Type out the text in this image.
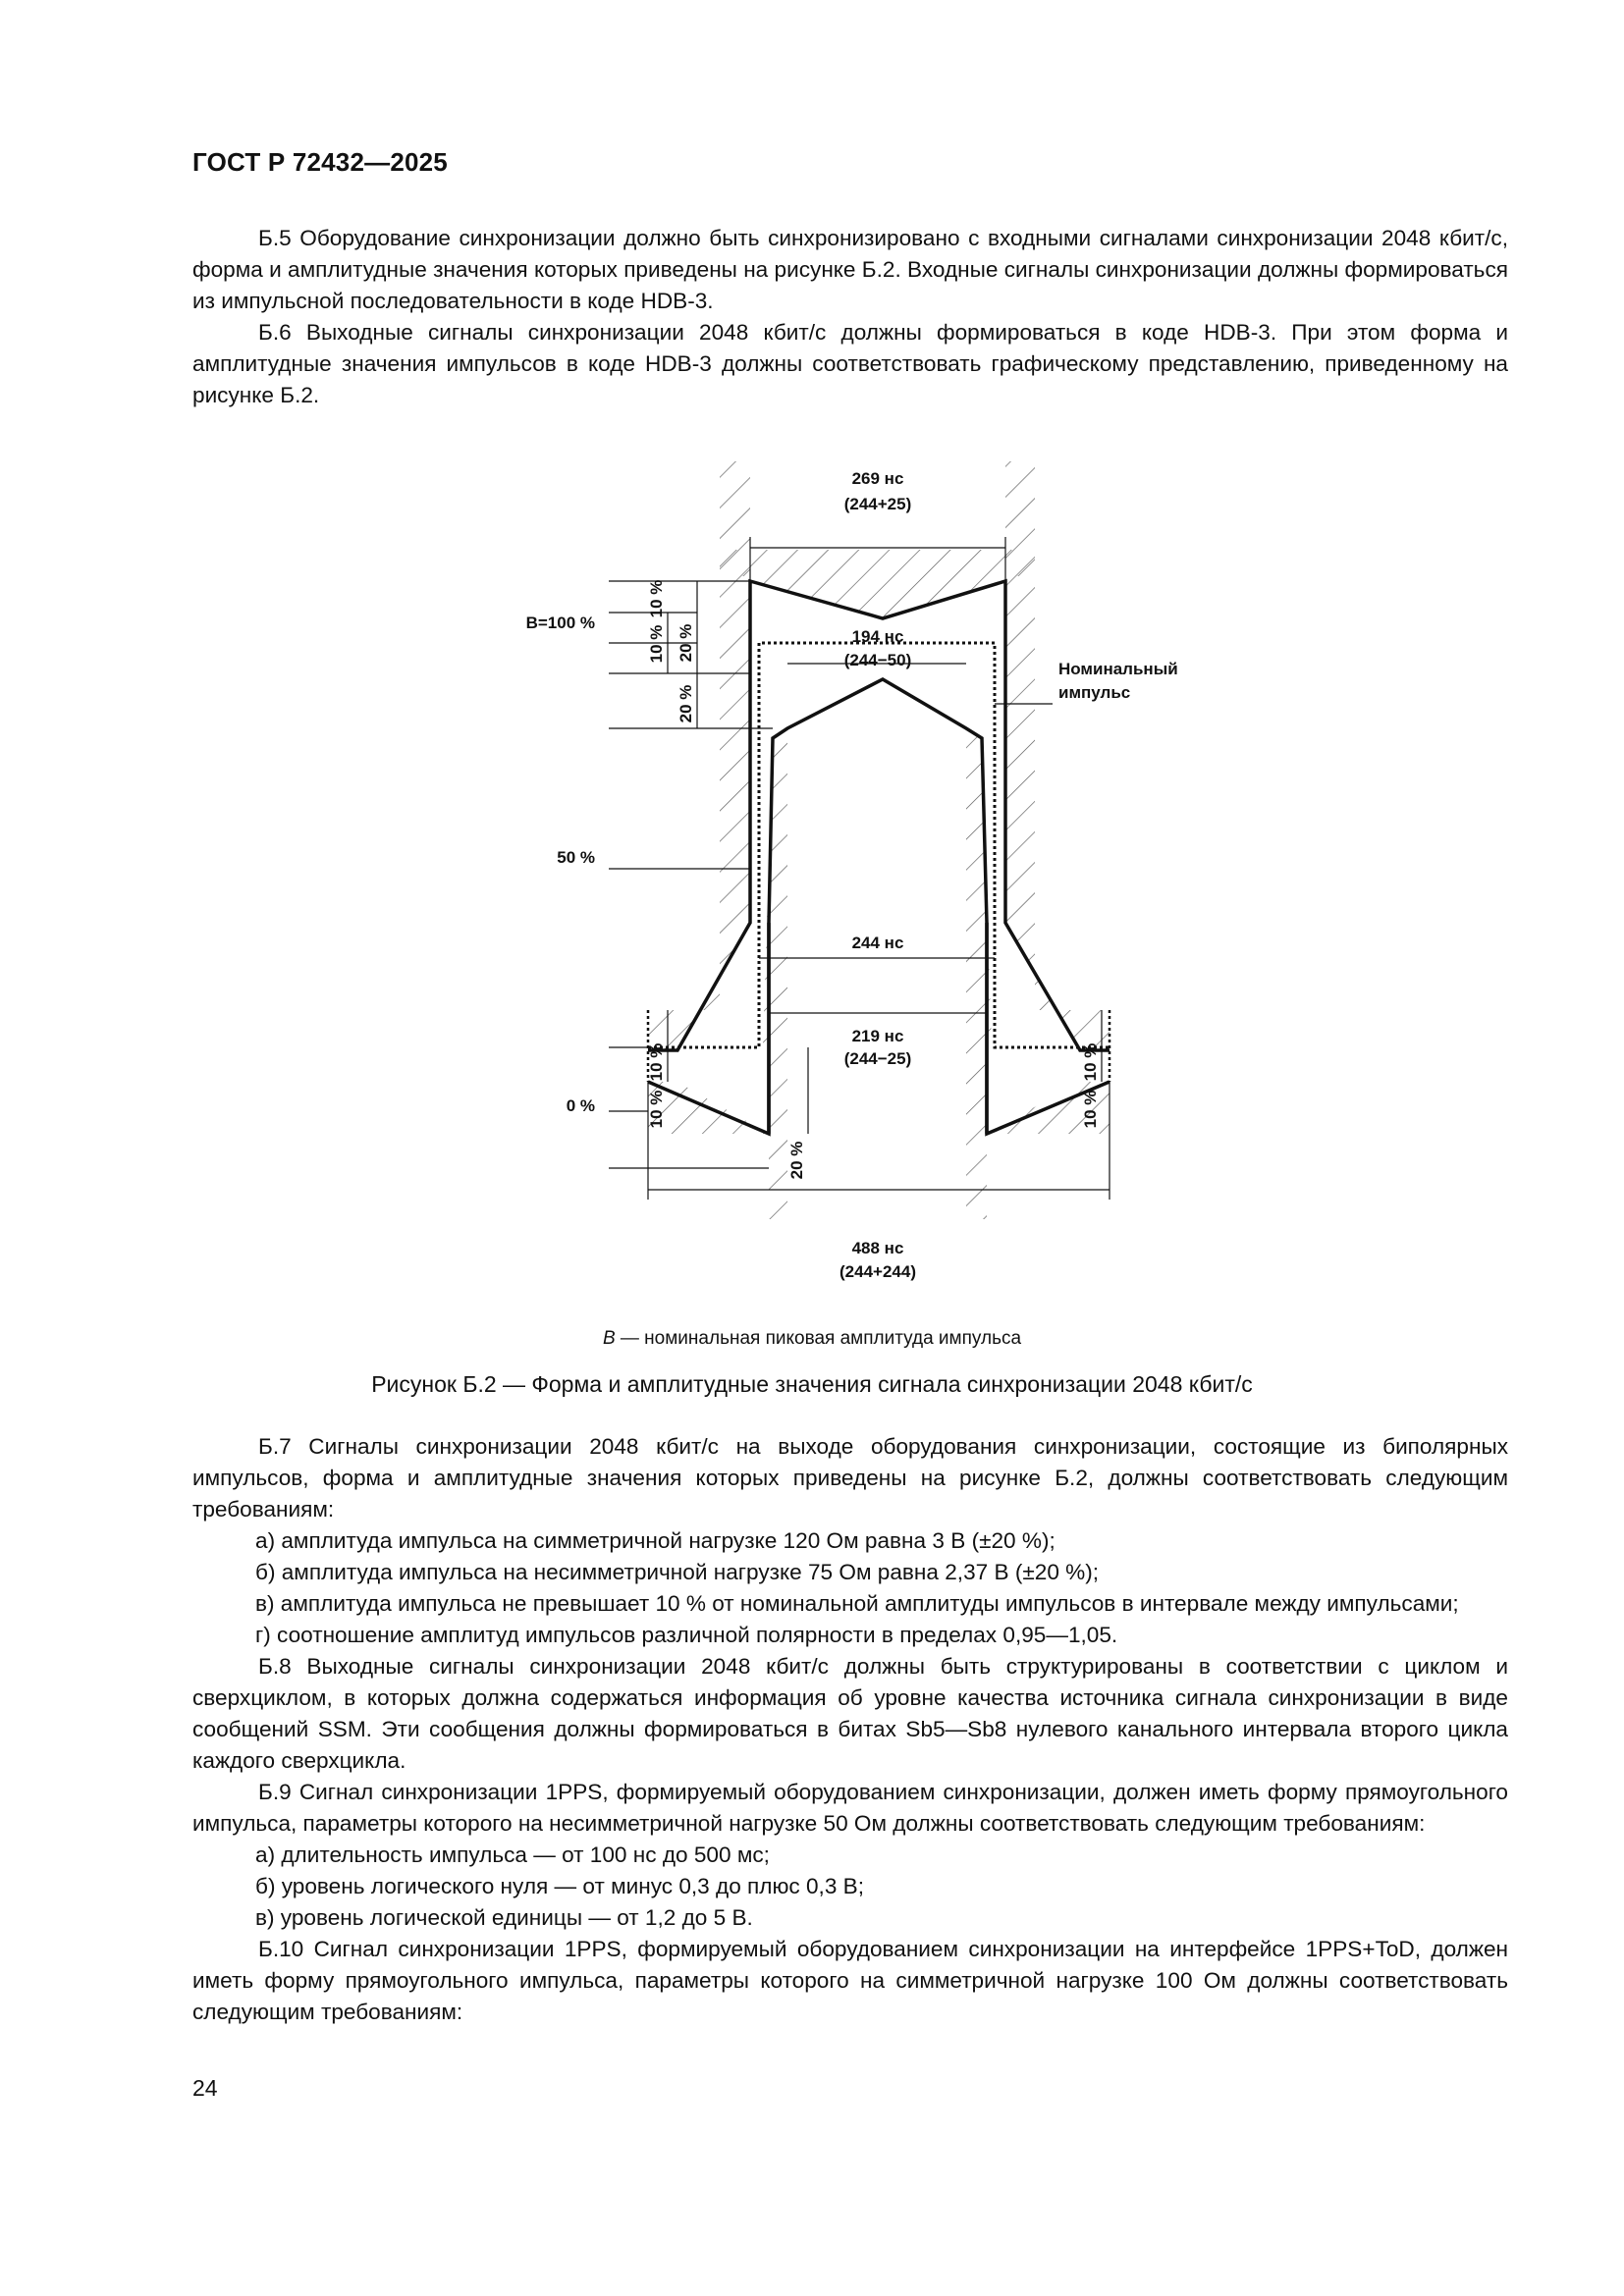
ГОСТ Р 72432—2025

Б.5 Оборудование синхронизации должно быть синхронизировано с входными сигналами синхронизации 2048 кбит/с, форма и амплитудные значения которых приведены на рисунке Б.2. Входные сигналы синхронизации должны формироваться из импульсной последовательности в коде HDB-3.

Б.6 Выходные сигналы синхронизации 2048 кбит/с должны формироваться в коде HDB-3. При этом форма и амплитудные значения импульсов в коде HDB-3 должны соответствовать графическому представлению, приведенному на рисунке Б.2.

269 нс
(244+25)
194 нс
(244−50)	Номинальный
импульс
B=100 %
50 %
0 %
244 нс
219 нс
(244−25)
488 нс
(244+244)
20 %
10 %
10 %
20 %
10 %
10 %
10 %
10 %
20 %
B — номинальная пиковая амплитуда импульса
Рисунок Б.2 — Форма и амплитудные значения сигнала синхронизации 2048 кбит/с

Б.7 Сигналы синхронизации 2048 кбит/с на выходе оборудования синхронизации, состоящие из биполярных импульсов, форма и амплитудные значения которых приведены на рисунке Б.2, должны соответствовать следующим требованиям:

а) амплитуда импульса на симметричной нагрузке 120 Ом равна 3 В (±20 %);

б) амплитуда импульса на несимметричной нагрузке 75 Ом равна 2,37 В (±20 %);

в) амплитуда импульса не превышает 10 % от номинальной амплитуды импульсов в интервале между импульсами;

г) соотношение амплитуд импульсов различной полярности в пределах 0,95—1,05.

Б.8 Выходные сигналы синхронизации 2048 кбит/с должны быть структурированы в соответствии с циклом и сверхциклом, в которых должна содержаться информация об уровне качества источника сигнала синхронизации в виде сообщений SSM. Эти сообщения должны формироваться в битах Sb5—Sb8 нулевого канального интервала второго цикла каждого сверхцикла.

Б.9 Сигнал синхронизации 1PPS, формируемый оборудованием синхронизации, должен иметь форму прямоугольного импульса, параметры которого на несимметричной нагрузке 50 Ом должны соответствовать следующим требованиям:

а) длительность импульса — от 100 нс до 500 мс;

б) уровень логического нуля — от минус 0,3 до плюс 0,3 В;

в) уровень логической единицы — от 1,2 до 5 В.

Б.10 Сигнал синхронизации 1PPS, формируемый оборудованием синхронизации на интерфейсе 1PPS+ToD, должен иметь форму прямоугольного импульса, параметры которого на симметричной нагрузке 100 Ом должны соответствовать следующим требованиям:

24
